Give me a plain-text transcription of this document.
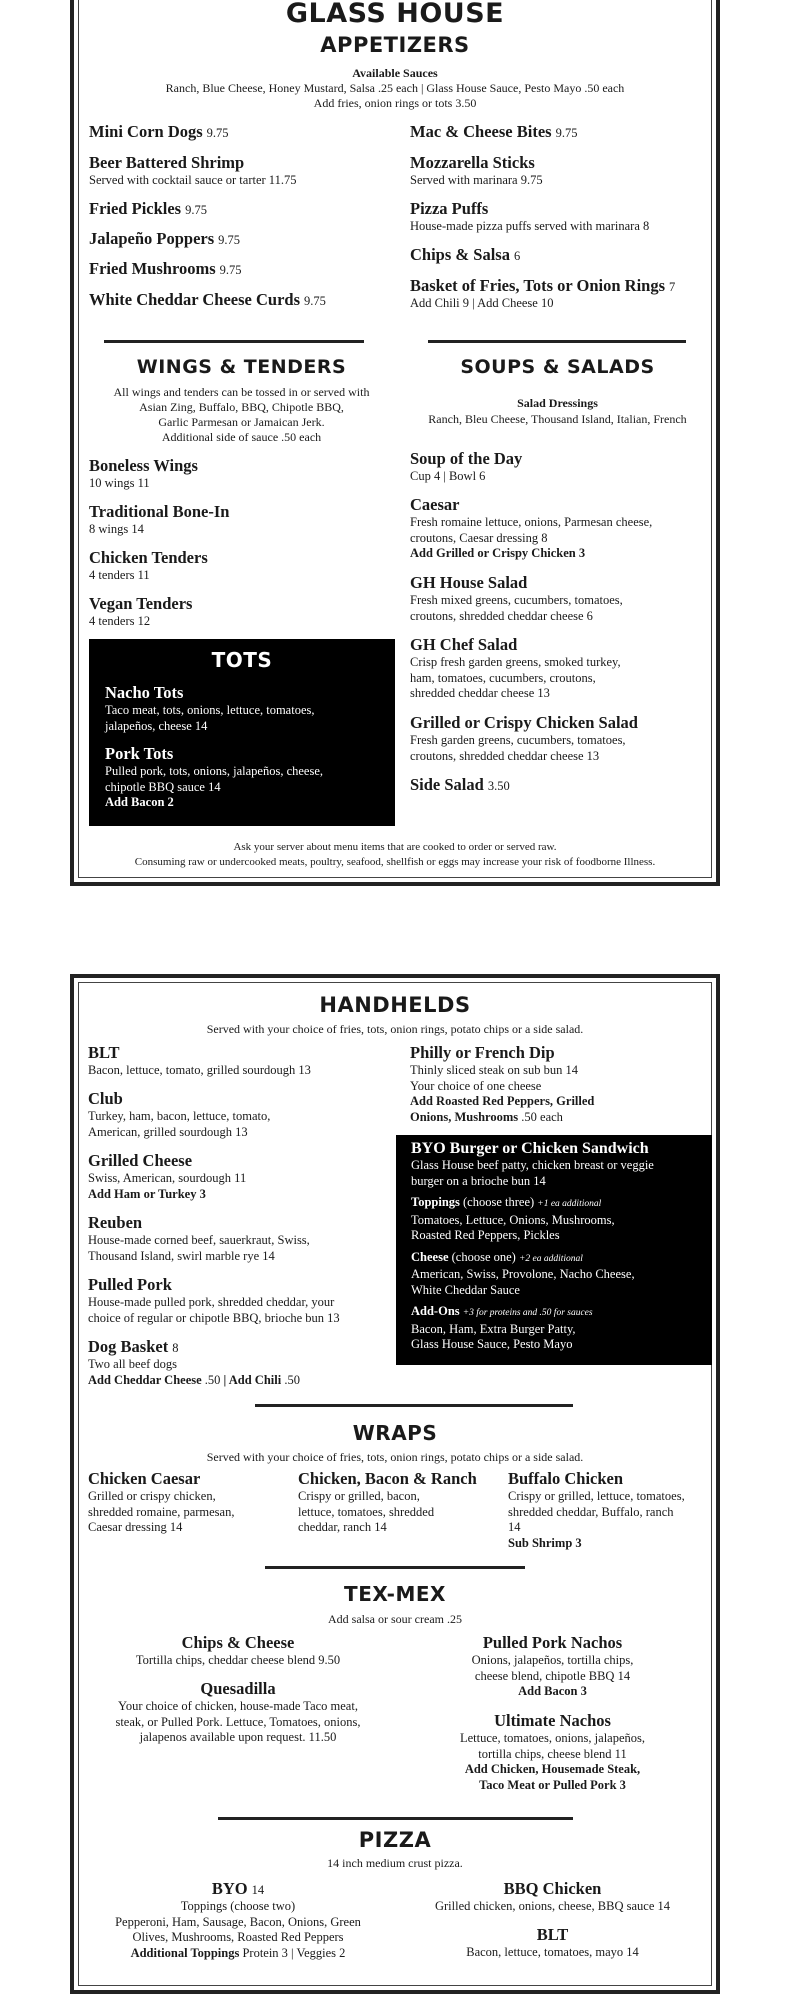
GLASS HOUSE
APPETIZERS
Available Sauces
Ranch, Blue Cheese, Honey Mustard, Salsa .25 each | Glass House Sauce, Pesto Mayo .50 each
Add fries, onion rings or tots 3.50
Mini Corn Dogs 9.75
Beer Battered Shrimp
Served with cocktail sauce or tarter 11.75
Fried Pickles 9.75
Jalapeño Poppers 9.75
Fried Mushrooms 9.75
White Cheddar Cheese Curds 9.75
Mac & Cheese Bites 9.75
Mozzarella Sticks
Served with marinara 9.75
Pizza Puffs
House-made pizza puffs served with marinara 8
Chips & Salsa 6
Basket of Fries, Tots or Onion Rings 7
Add Chili 9 | Add Cheese 10
WINGS & TENDERS
All wings and tenders can be tossed in or served with
Asian Zing, Buffalo, BBQ, Chipotle BBQ,
Garlic Parmesan or Jamaican Jerk.
Additional side of sauce .50 each
Boneless Wings
10 wings 11
Traditional Bone-In
8 wings 14
Chicken Tenders
4 tenders 11
Vegan Tenders
4 tenders 12
TOTS
Nacho Tots
Taco meat, tots, onions, lettuce, tomatoes,
jalapeños, cheese 14
Pork Tots
Pulled pork, tots, onions, jalapeños, cheese,
chipotle BBQ sauce 14
Add Bacon 2
SOUPS & SALADS
Salad Dressings
Ranch, Bleu Cheese, Thousand Island, Italian, French
Soup of the Day
Cup 4 | Bowl 6
Caesar
Fresh romaine lettuce, onions, Parmesan cheese,
croutons, Caesar dressing 8
Add Grilled or Crispy Chicken 3
GH House Salad
Fresh mixed greens, cucumbers, tomatoes,
croutons, shredded cheddar cheese 6
GH Chef Salad
Crisp fresh garden greens, smoked turkey,
ham, tomatoes, cucumbers, croutons,
shredded cheddar cheese 13
Grilled or Crispy Chicken Salad
Fresh garden greens, cucumbers, tomatoes,
croutons, shredded cheddar cheese 13
Side Salad 3.50
Ask your server about menu items that are cooked to order or served raw.
Consuming raw or undercooked meats, poultry, seafood, shellfish or eggs may increase your risk of foodborne Illness.
HANDHELDS
Served with your choice of fries, tots, onion rings, potato chips or a side salad.
BLT
Bacon, lettuce, tomato, grilled sourdough 13
Club
Turkey, ham, bacon, lettuce, tomato,
American, grilled sourdough 13
Grilled Cheese
Swiss, American, sourdough 11
Add Ham or Turkey 3
Reuben
House-made corned beef, sauerkraut, Swiss,
Thousand Island, swirl marble rye 14
Pulled Pork
House-made pulled pork, shredded cheddar, your
choice of regular or chipotle BBQ, brioche bun 13
Dog Basket 8
Two all beef dogs
Add Cheddar Cheese .50 | Add Chili .50
Philly or French Dip
Thinly sliced steak on sub bun 14
Your choice of one cheese
Add Roasted Red Peppers, Grilled
Onions, Mushrooms .50 each
BYO Burger or Chicken Sandwich
Glass House beef patty, chicken breast or veggie
burger on a brioche bun 14
Toppings (choose three) +1 ea additional
Tomatoes, Lettuce, Onions, Mushrooms,
Roasted Red Peppers, Pickles
Cheese (choose one) +2 ea additional
American, Swiss, Provolone, Nacho Cheese,
White Cheddar Sauce
Add-Ons +3 for proteins and .50 for sauces
Bacon, Ham, Extra Burger Patty,
Glass House Sauce, Pesto Mayo
WRAPS
Served with your choice of fries, tots, onion rings, potato chips or a side salad.
Chicken Caesar
Grilled or crispy chicken,
shredded romaine, parmesan,
Caesar dressing 14
Chicken, Bacon & Ranch
Crispy or grilled, bacon,
lettuce, tomatoes, shredded
cheddar, ranch 14
Buffalo Chicken
Crispy or grilled, lettuce, tomatoes,
shredded cheddar, Buffalo, ranch
14
Sub Shrimp 3
TEX-MEX
Add salsa or sour cream .25
Chips & Cheese
Tortilla chips, cheddar cheese blend 9.50
Quesadilla
Your choice of chicken, house-made Taco meat,
steak, or Pulled Pork. Lettuce, Tomatoes, onions,
jalapenos available upon request. 11.50
Pulled Pork Nachos
Onions, jalapeños, tortilla chips,
cheese blend, chipotle BBQ 14
Add Bacon 3
Ultimate Nachos
Lettuce, tomatoes, onions, jalapeños,
tortilla chips, cheese blend 11
Add Chicken, Housemade Steak,
Taco Meat or Pulled Pork 3
PIZZA
14 inch medium crust pizza.
BYO 14
Toppings (choose two)
Pepperoni, Ham, Sausage, Bacon, Onions, Green
Olives, Mushrooms, Roasted Red Peppers
Additional Toppings Protein 3 | Veggies 2
BBQ Chicken
Grilled chicken, onions, cheese, BBQ sauce 14
BLT
Bacon, lettuce, tomatoes, mayo 14
